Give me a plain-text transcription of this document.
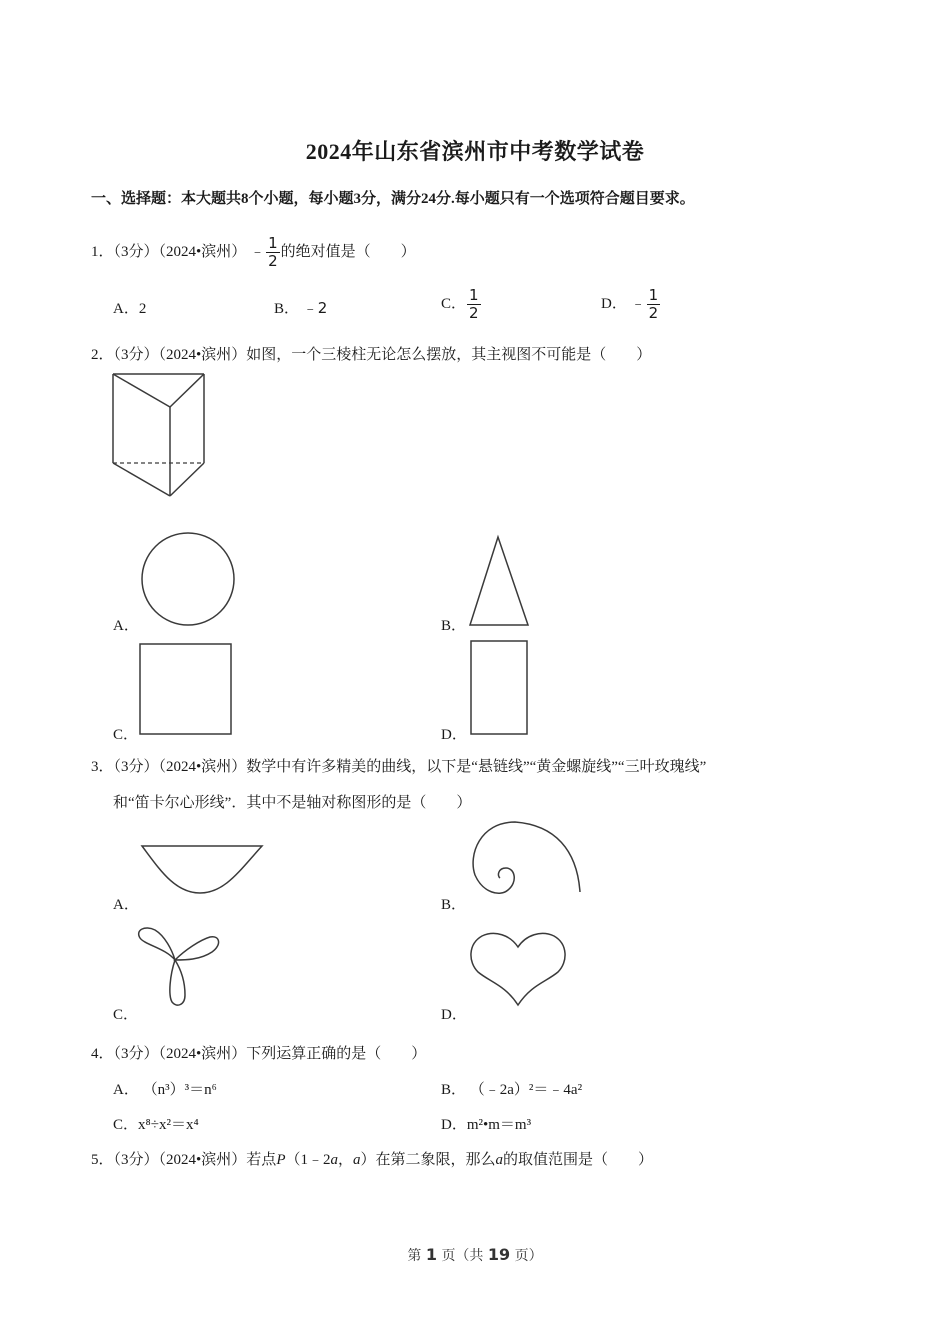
2024年山东省滨州市中考数学试卷
一、选择题：本大题共8个小题，每小题3分，满分24分.每小题只有一个选项符合题目要求。
1．（3分）（2024•滨州） ﹣ $\frac{1}{2}$ 的绝对值是（　　）
A．2	B． ﹣2	C． $\frac{1}{2}$	D． ﹣ $\frac{1}{2}$
2．（3分）（2024•滨州）如图，一个三棱柱无论怎么摆放，其主视图不可能是（　　）
A．	B．
C．	D．
3．（3分）（2024•滨州）数学中有许多精美的曲线，以下是“悬链线”“黄金螺旋线”“三叶玫瑰线”
和“笛卡尔心形线”．其中不是轴对称图形的是（　　）
A．	B．
C．	D．
4．（3分）（2024•滨州）下列运算正确的是（　　）
A． （n³）³＝n⁶	B． （﹣2a）²＝﹣4a²
C．x⁸÷x²＝x⁴	D．m²•m＝m³
5．（3分）（2024•滨州）若点P（1﹣2a，a）在第二象限，那么a的取值范围是（　　）
第 1 页（共 19 页）
